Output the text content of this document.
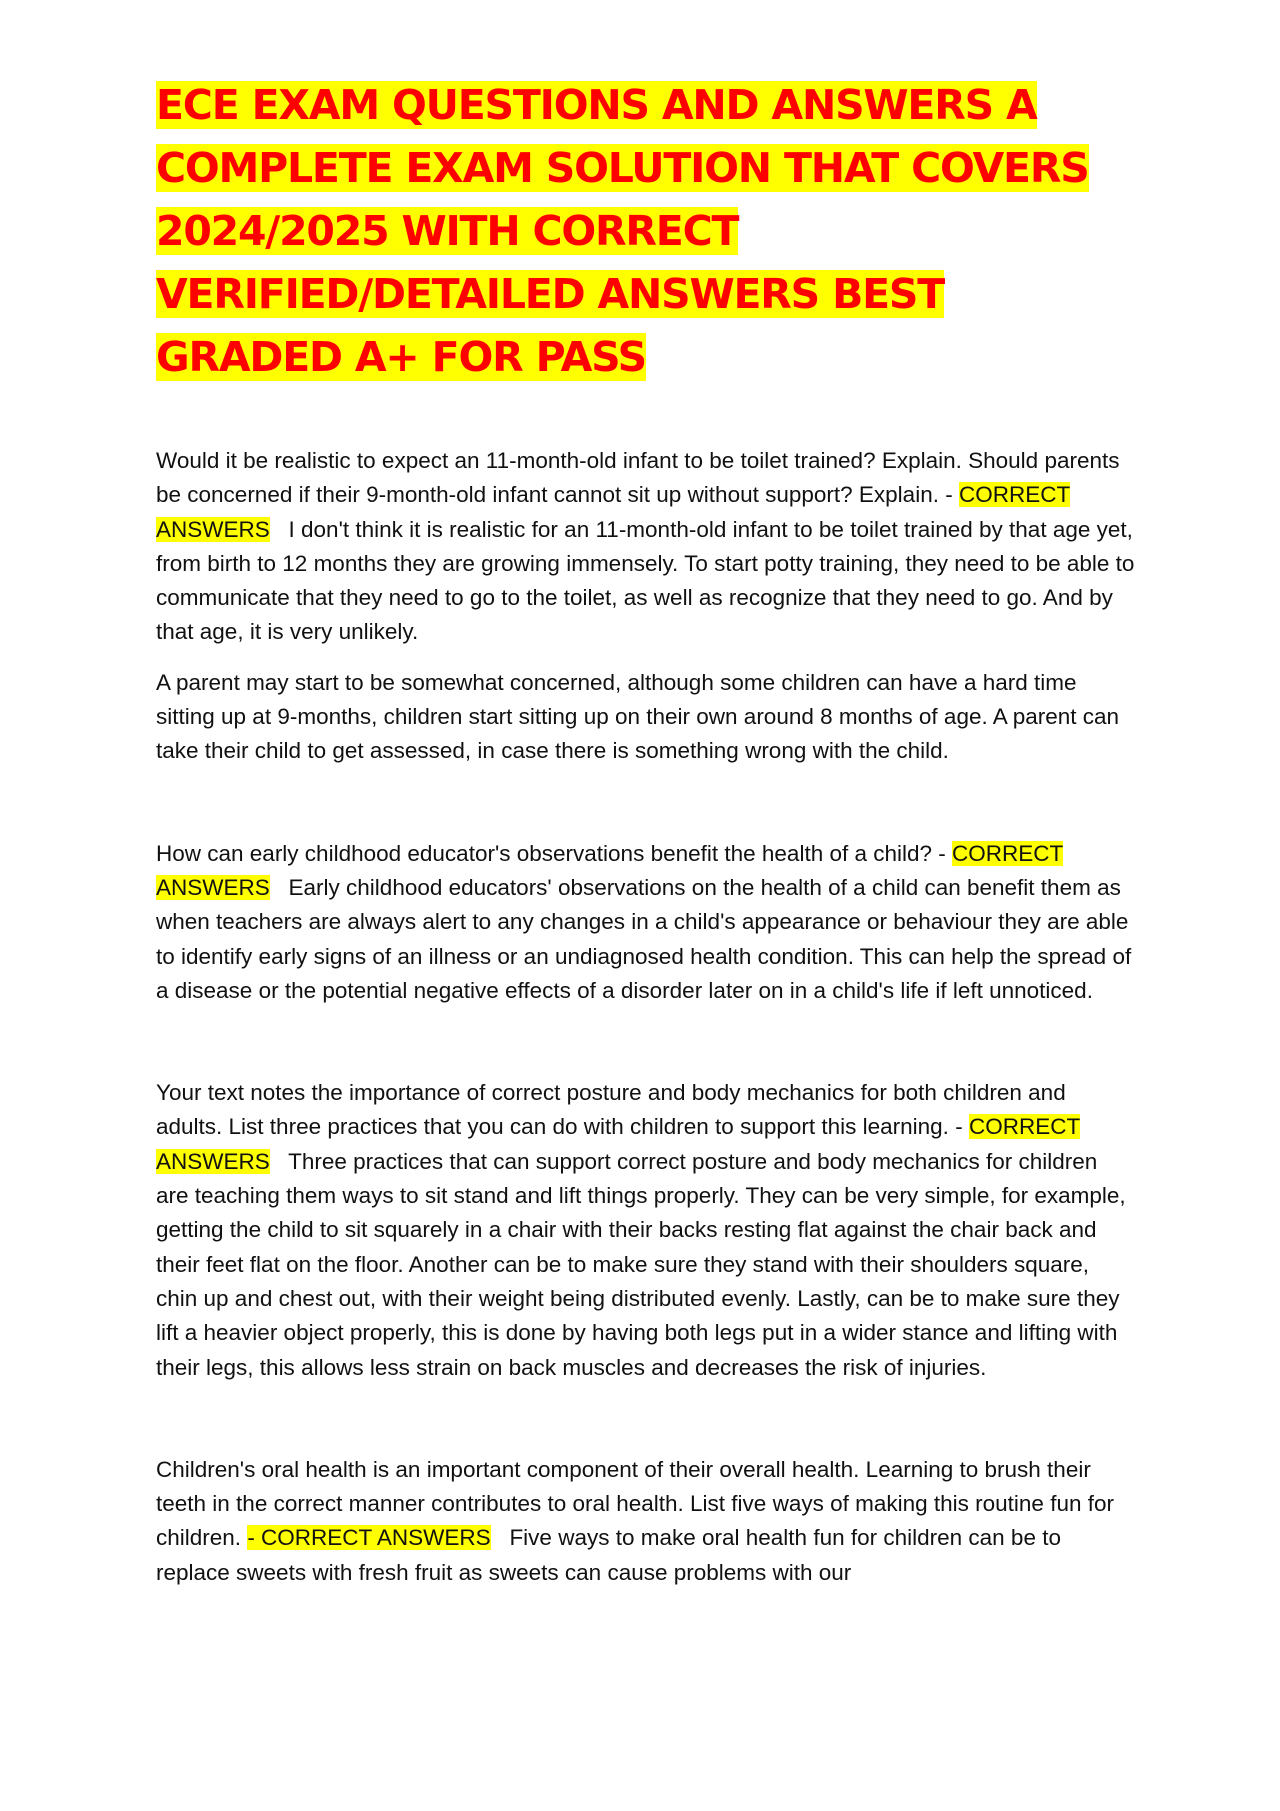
ECE EXAM QUESTIONS AND ANSWERS A COMPLETE EXAM SOLUTION THAT COVERS 2024/2025 WITH CORRECT VERIFIED/DETAILED ANSWERS BEST GRADED A+ FOR PASS

Would it be realistic to expect an 11-month-old infant to be toilet trained? Explain. Should parents be concerned if their 9-month-old infant cannot sit up without support? Explain. - CORRECT ANSWERS I don't think it is realistic for an 11-month-old infant to be toilet trained by that age yet, from birth to 12 months they are growing immensely. To start potty training, they need to be able to communicate that they need to go to the toilet, as well as recognize that they need to go. And by that age, it is very unlikely.

A parent may start to be somewhat concerned, although some children can have a hard time sitting up at 9-months, children start sitting up on their own around 8 months of age. A parent can take their child to get assessed, in case there is something wrong with the child.

How can early childhood educator's observations benefit the health of a child? - CORRECT ANSWERS Early childhood educators' observations on the health of a child can benefit them as when teachers are always alert to any changes in a child's appearance or behaviour they are able to identify early signs of an illness or an undiagnosed health condition. This can help the spread of a disease or the potential negative effects of a disorder later on in a child's life if left unnoticed.

Your text notes the importance of correct posture and body mechanics for both children and adults. List three practices that you can do with children to support this learning. - CORRECT ANSWERS Three practices that can support correct posture and body mechanics for children are teaching them ways to sit stand and lift things properly. They can be very simple, for example, getting the child to sit squarely in a chair with their backs resting flat against the chair back and their feet flat on the floor. Another can be to make sure they stand with their shoulders square, chin up and chest out, with their weight being distributed evenly. Lastly, can be to make sure they lift a heavier object properly, this is done by having both legs put in a wider stance and lifting with their legs, this allows less strain on back muscles and decreases the risk of injuries.

Children's oral health is an important component of their overall health. Learning to brush their teeth in the correct manner contributes to oral health. List five ways of making this routine fun for children. - CORRECT ANSWERS Five ways to make oral health fun for children can be to replace sweets with fresh fruit as sweets can cause problems with our
